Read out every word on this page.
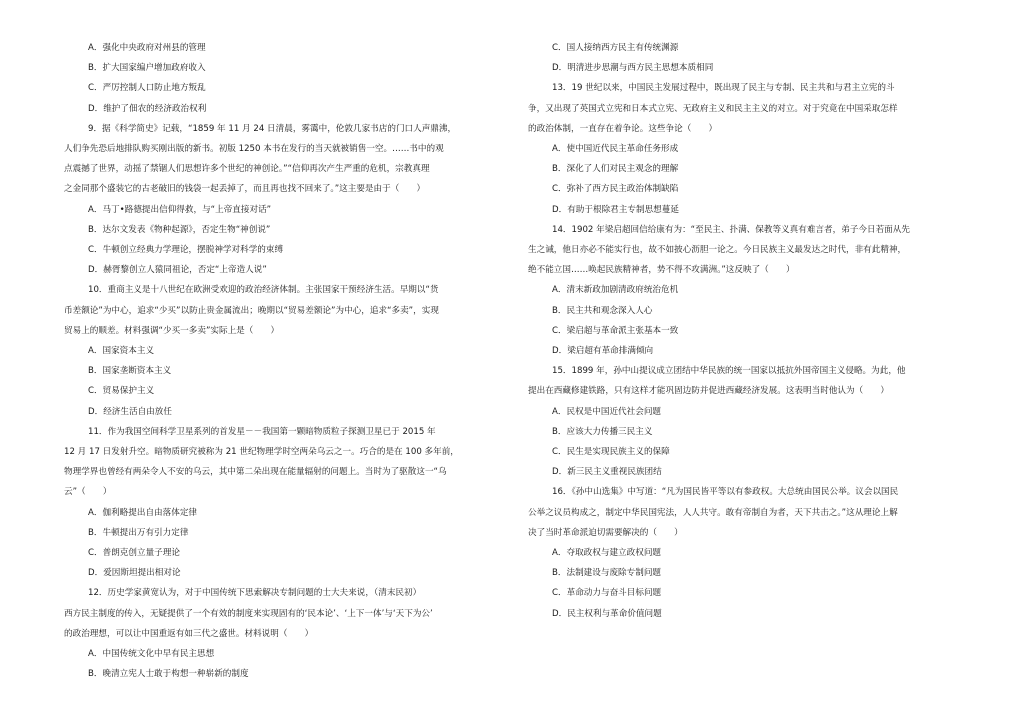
A．强化中央政府对州县的管理
B．扩大国家编户增加政府收入
C．严厉控制人口防止地方叛乱
D．维护了佃农的经济政治权利
9．据《科学简史》记载，“1859 年 11 月 24 日清晨，雾霭中，伦敦几家书店的门口人声鼎沸，
人们争先恐后地排队购买刚出版的新书。初版 1250 本书在发行的当天就被销售一空。……书中的观
点震撼了世界，动摇了禁锢人们思想许多个世纪的神创论。”“信仰再次产生严重的危机，宗教真理
之金同那个盛装它的古老破旧的钱袋一起丢掉了，而且再也找不回来了。”这主要是由于（　　）
A．马丁•路德提出信仰得救，与“上帝直接对话”
B．达尔文发表《物种起源》，否定生物“神创说”
C．牛顿创立经典力学理论，摆脱神学对科学的束缚
D．赫胥黎创立人猿同祖论，否定“上帝造人说”
10．重商主义是十八世纪在欧洲受欢迎的政治经济体制。主张国家干预经济生活。早期以“货
币差额论”为中心，追求“少买”以防止贵金属流出；晚期以“贸易差额论”为中心，追求“多卖”，实现
贸易上的顺差。材料强调“少买一多卖”实际上是（　　）
A．国家资本主义
B．国家垄断资本主义
C．贸易保护主义
D．经济生活自由放任
11．作为我国空间科学卫星系列的首发星－－我国第一颗暗物质粒子探测卫星已于 2015 年
12 月 17 日发射升空。暗物质研究被称为 21 世纪物理学时空两朵乌云之一。巧合的是在 100 多年前，
物理学界也曾经有两朵令人不安的乌云，其中第二朵出现在能量辐射的问题上。当时为了驱散这一“乌
云”（　　）
A．伽利略提出自由落体定律
B．牛顿提出万有引力定律
C．普朗克创立量子理论
D．爱因斯坦提出相对论
12．历史学家黄宽认为，对于中国传统下思索解决专制问题的士大夫来说，（清末民初）
西方民主制度的传入，无疑提供了一个有效的制度来实现固有的‘民本论’、‘上下一体’与‘天下为公’
的政治理想，可以让中国重返有如三代之盛世。材料说明（　　）
A．中国传统文化中早有民主思想
B．晚清立宪人士敢于构想一种崭新的制度
C．国人接纳西方民主有传统渊源
D．明清进步思潮与西方民主思想本质相同
13．19 世纪以来，中国民主发展过程中，既出现了民主与专制、民主共和与君主立宪的斗
争，又出现了英国式立宪和日本式立宪、无政府主义和民主主义的对立。对于究竟在中国采取怎样
的政治体制，一直存在着争论。这些争论（　　）
A．使中国近代民主革命任务形成
B．深化了人们对民主观念的理解
C．弥补了西方民主政治体制缺陷
D．有助于根除君主专制思想蔓延
14．1902 年梁启超回信给康有为：“至民主、扑满、保教等义真有难言者，弟子今日若面从先
生之诫，他日亦必不能实行也，故不如披心沥胆一论之。今日民族主义最发达之时代，非有此精神，
绝不能立国……唤起民族精神者，势不得不攻满洲。”这反映了（　　）
A．清末新政加剧清政府统治危机
B．民主共和观念深入人心
C．梁启超与革命派主张基本一致
D．梁启超有革命排满倾向
15．1899 年，孙中山提议成立团结中华民族的统一国家以抵抗外国帝国主义侵略。为此，他
提出在西藏修建铁路，只有这样才能巩固边防并促进西藏经济发展。这表明当时他认为（　　）
A．民权是中国近代社会问题
B．应该大力传播三民主义
C．民生是实现民族主义的保障
D．新三民主义重视民族团结
16．《孙中山选集》中写道：“凡为国民皆平等以有参政权。大总统由国民公举。议会以国民
公举之议员构成之，制定中华民国宪法，人人共守。敢有帝制自为者，天下共击之。”这从理论上解
决了当时革命派迫切需要解决的（　　）
A．夺取政权与建立政权问题
B．法制建设与废除专制问题
C．革命动力与奋斗目标问题
D．民主权利与革命价值问题
